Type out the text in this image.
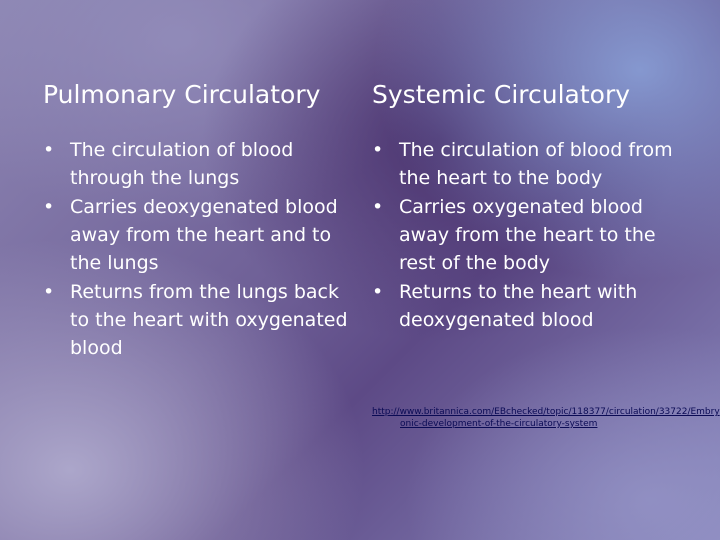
Pulmonary Circulatory
• The circulation of blood through the lungs
• Carries deoxygenated blood away from the heart and to the lungs
• Returns from the lungs back to the heart with oxygenated blood
Systemic Circulatory
• The circulation of blood from the heart to the body
• Carries oxygenated blood away from the heart to the rest of the body
• Returns to the heart with deoxygenated blood
http://www.britannica.com/EBchecked/topic/118377/circulation/33722/Embryonic-development-of-the-circulatory-system
